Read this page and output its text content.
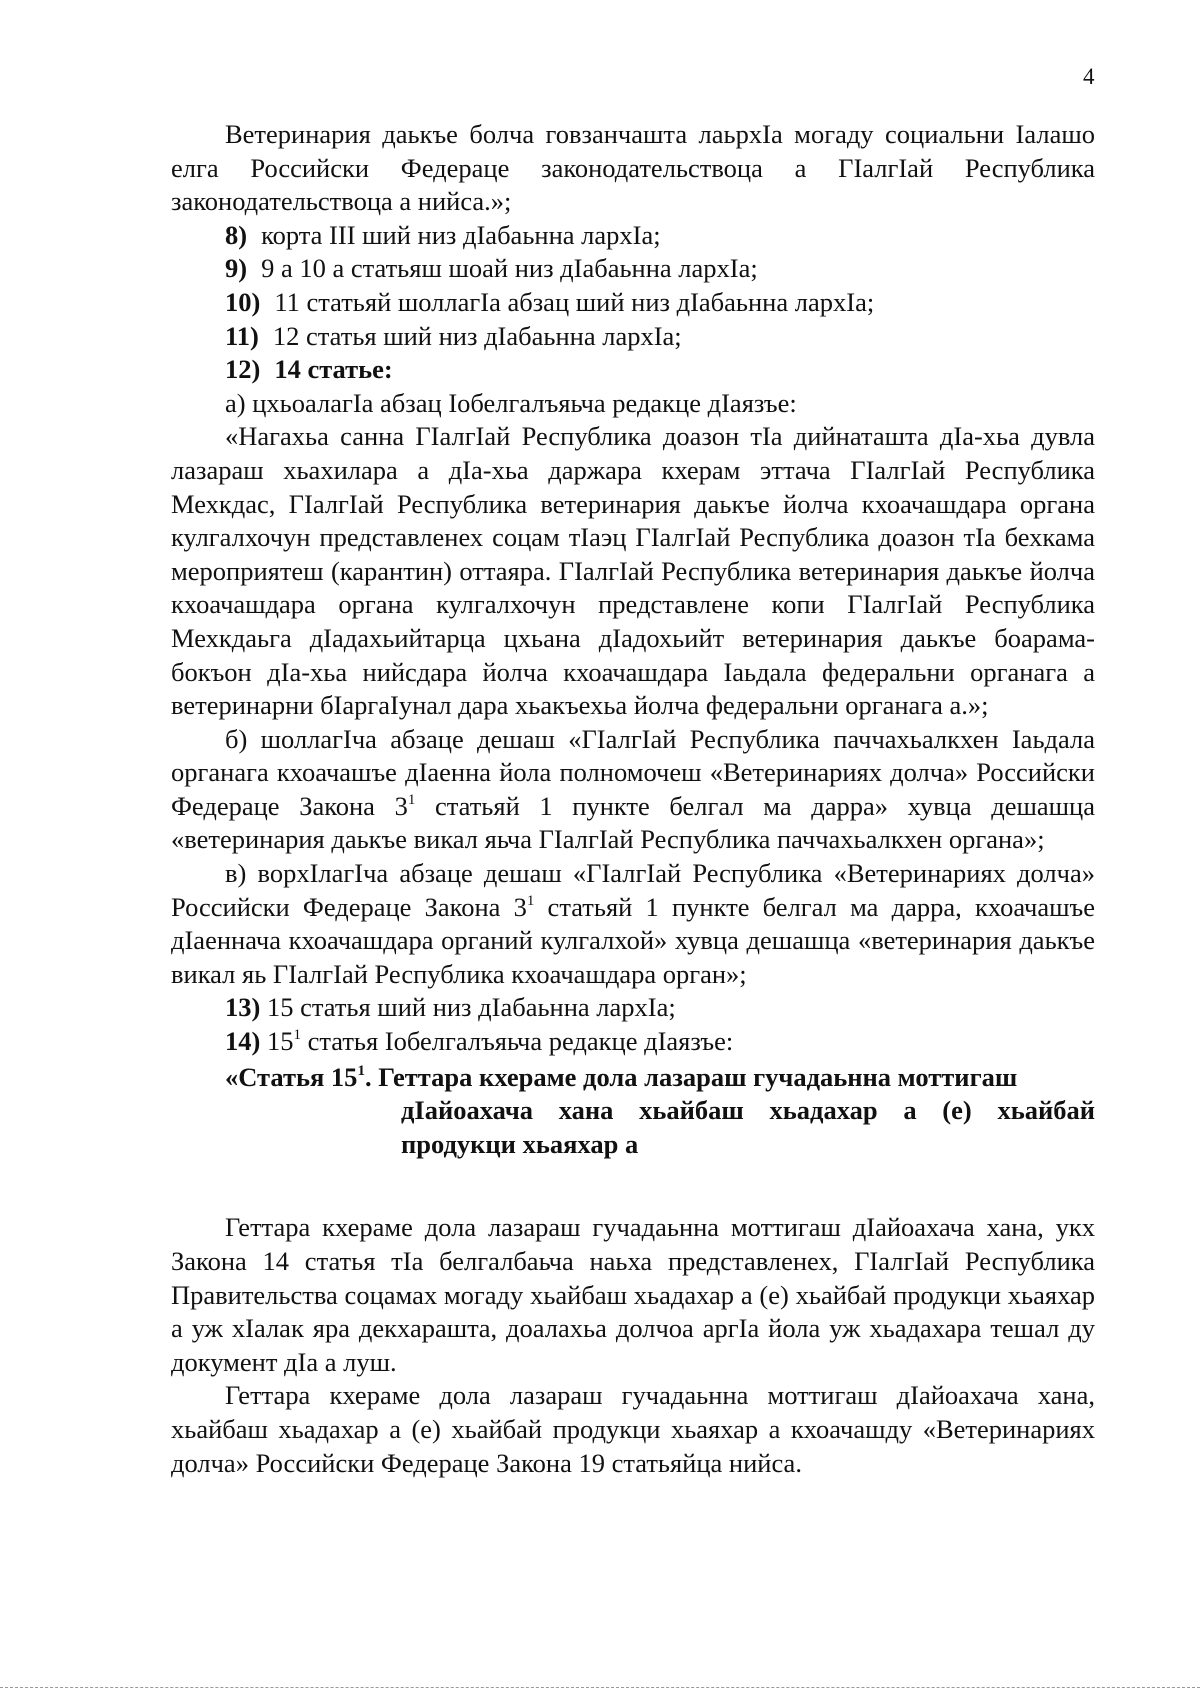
4

Ветеринария даькъе болча говзанчашта лаьрхIа могаду социальни Iалашо елга Российски Федераце законодательствоца а ГIалгIай Республика законодательствоца а нийса.»;

8) корта III ший низ дIабаьнна лархIа;

9) 9 а 10 а статьяш шоай низ дIабаьнна лархIа;

10) 11 статьяй шоллагIа абзац ший низ дIабаьнна лархIа;

11) 12 статья ший низ дIабаьнна лархIа;

12) 14 статье:

а) цхьоалагIа абзац Iобелгалъяьча редакце дIаязъе:

«Нагахьа санна ГIалгIай Республика доазон тIа дийнаташта дIа-хьа дувла лазараш хьахилара а дIа-хьа даржара кхерам эттача ГIалгIай Республика Мехкдас, ГIалгIай Республика ветеринария даькъе йолча кхоачашдара органа кулгалхочун представленех соцам тIаэц ГIалгIай Республика доазон тIа бехкама мероприятеш (карантин) оттаяра. ГIалгIай Республика ветеринария даькъе йолча кхоачашдара органа кулгалхочун представлене копи ГIалгIай Республика Мехкдаьга дIадахьийтарца цхьана дIадохьийт ветеринария даькъе боарама-бокъон дIа-хьа нийсдара йолча кхоачашдара Iаьдала федеральни органага а ветеринарни бIаргаIунал дара хьакъехьа йолча федеральни органага а.»;

б) шоллагIча абзаце дешаш «ГIалгIай Республика паччахьалкхен Iаьдала органага кхоачашъе дIаенна йола полномочеш «Ветеринариях долча» Российски Федераце Закона $3^1$ статьяй 1 пункте белгал ма дарра» хувца дешашца «ветеринария даькъе викал яьча ГIалгIай Республика паччахьалкхен органа»;

в) ворхIлагIча абзаце дешаш «ГIалгIай Республика «Ветеринариях долча» Российски Федераце Закона $3^1$ статьяй 1 пункте белгал ма дарра, кхоачашъе дIаеннача кхоачашдара органий кулгалхой» хувца дешашца «ветеринария даькъе викал яь ГIалгIай Республика кхоачашдара орган»;

13) 15 статья ший низ дIабаьнна лархIа;

14) $15^1$ статья Iобелгалъяьча редакце дIаязъе:

«Статья $15^1$. Геттара кхераме дола лазараш гучадаьнна моттигаш
дIайоахача хана хьайбаш хьадахар а (е) хьайбай продукци хьаяхар а

Геттара кхераме дола лазараш гучадаьнна моттигаш дIайоахача хана, укх Закона 14 статья тIа белгалбаьча наьха представленех, ГIалгIай Республика Правительства соцамах могаду хьайбаш хьадахар а (е) хьайбай продукци хьаяхар а уж хIалак яра декхараштa, доалахьа долчоа аргIа йола уж хьадахара тешал ду документ дIа а луш.

Геттара кхераме дола лазараш гучадаьнна моттигаш дIайоахача хана, хьайбаш хьадахар а (е) хьайбай продукци хьаяхар а кхоачашду «Ветеринариях долча» Российски Федераце Закона 19 статьяйца нийса.
